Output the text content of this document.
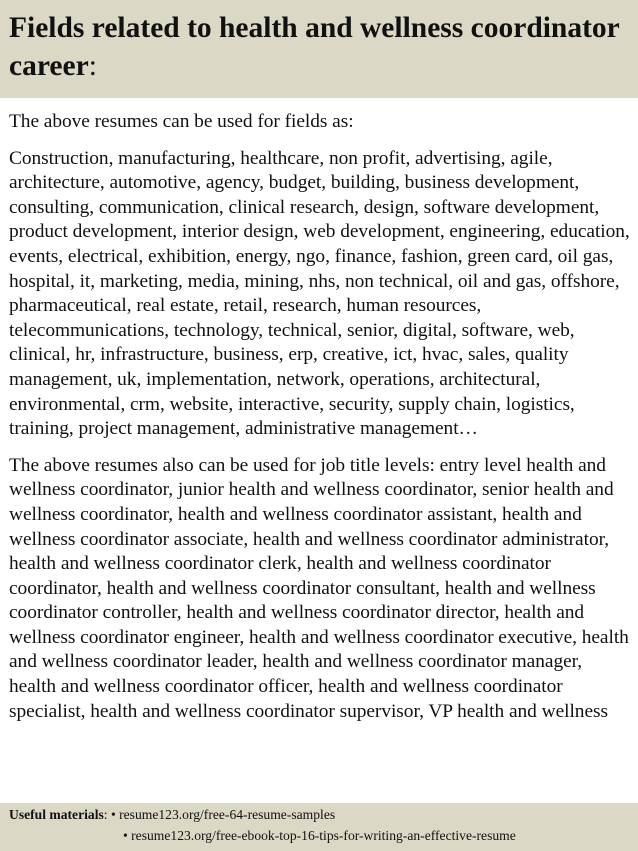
Fields related to health and wellness coordinator career:

The above resumes can be used for fields as:

Construction, manufacturing, healthcare, non profit, advertising, agile, architecture, automotive, agency, budget, building, business development, consulting, communication, clinical research, design, software development, product development, interior design, web development, engineering, education, events, electrical, exhibition, energy, ngo, finance, fashion, green card, oil gas, hospital, it, marketing, media, mining, nhs, non technical, oil and gas, offshore, pharmaceutical, real estate, retail, research, human resources, telecommunications, technology, technical, senior, digital, software, web, clinical, hr, infrastructure, business, erp, creative, ict, hvac, sales, quality management, uk, implementation, network, operations, architectural, environmental, crm, website, interactive, security, supply chain, logistics, training, project management, administrative management…

The above resumes also can be used for job title levels: entry level health and wellness coordinator, junior health and wellness coordinator, senior health and wellness coordinator, health and wellness coordinator assistant, health and wellness coordinator associate, health and wellness coordinator administrator, health and wellness coordinator clerk, health and wellness coordinator coordinator, health and wellness coordinator consultant, health and wellness coordinator controller, health and wellness coordinator director, health and wellness coordinator engineer, health and wellness coordinator executive, health and wellness coordinator leader, health and wellness coordinator manager, health and wellness coordinator officer, health and wellness coordinator specialist, health and wellness coordinator supervisor, VP health and wellness

Useful materials: • resume123.org/free-64-resume-samples
• resume123.org/free-ebook-top-16-tips-for-writing-an-effective-resume
